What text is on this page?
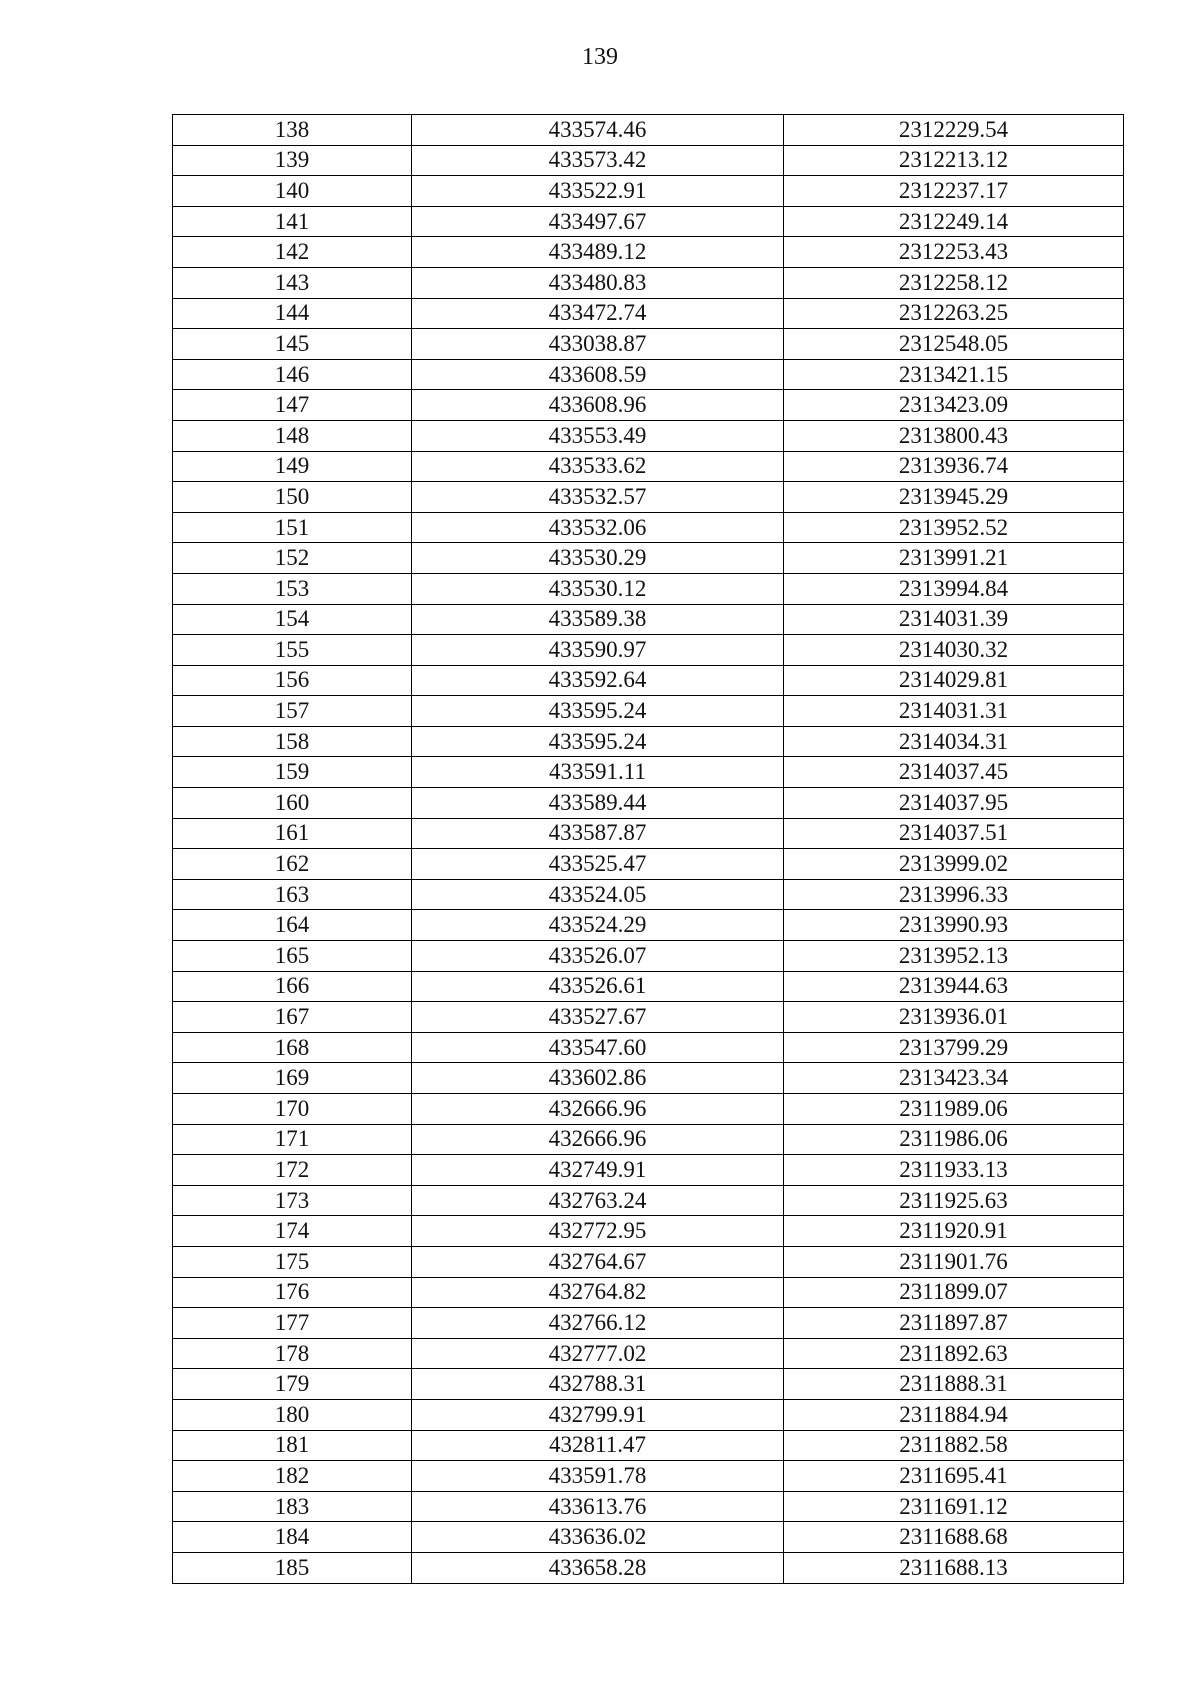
139
138	433574.46	2312229.54
139	433573.42	2312213.12
140	433522.91	2312237.17
141	433497.67	2312249.14
142	433489.12	2312253.43
143	433480.83	2312258.12
144	433472.74	2312263.25
145	433038.87	2312548.05
146	433608.59	2313421.15
147	433608.96	2313423.09
148	433553.49	2313800.43
149	433533.62	2313936.74
150	433532.57	2313945.29
151	433532.06	2313952.52
152	433530.29	2313991.21
153	433530.12	2313994.84
154	433589.38	2314031.39
155	433590.97	2314030.32
156	433592.64	2314029.81
157	433595.24	2314031.31
158	433595.24	2314034.31
159	433591.11	2314037.45
160	433589.44	2314037.95
161	433587.87	2314037.51
162	433525.47	2313999.02
163	433524.05	2313996.33
164	433524.29	2313990.93
165	433526.07	2313952.13
166	433526.61	2313944.63
167	433527.67	2313936.01
168	433547.60	2313799.29
169	433602.86	2313423.34
170	432666.96	2311989.06
171	432666.96	2311986.06
172	432749.91	2311933.13
173	432763.24	2311925.63
174	432772.95	2311920.91
175	432764.67	2311901.76
176	432764.82	2311899.07
177	432766.12	2311897.87
178	432777.02	2311892.63
179	432788.31	2311888.31
180	432799.91	2311884.94
181	432811.47	2311882.58
182	433591.78	2311695.41
183	433613.76	2311691.12
184	433636.02	2311688.68
185	433658.28	2311688.13
